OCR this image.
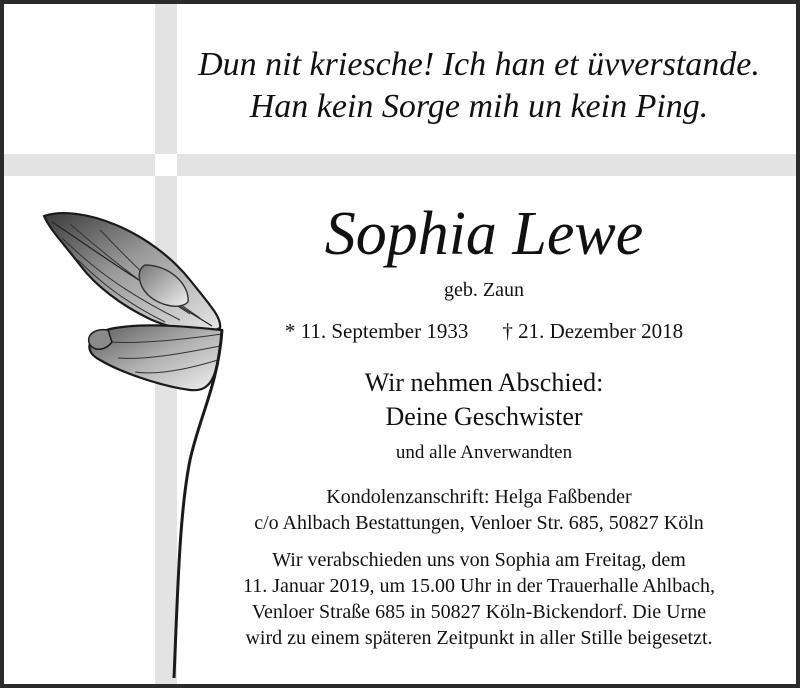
Dun nit kriesche! Ich han et üvverstande.
Han kein Sorge mih un kein Ping.
Sophia Lewe
geb. Zaun
* 11. September 1933 † 21. Dezember 2018
Wir nehmen Abschied:
Deine Geschwister
und alle Anverwandten
Kondolenzanschrift: Helga Faßbender
c/o Ahlbach Bestattungen, Venloer Str. 685, 50827 Köln
Wir verabschieden uns von Sophia am Freitag, dem
11. Januar 2019, um 15.00 Uhr in der Trauerhalle Ahlbach,
Venloer Straße 685 in 50827 Köln-Bickendorf. Die Urne
wird zu einem späteren Zeitpunkt in aller Stille beigesetzt.
